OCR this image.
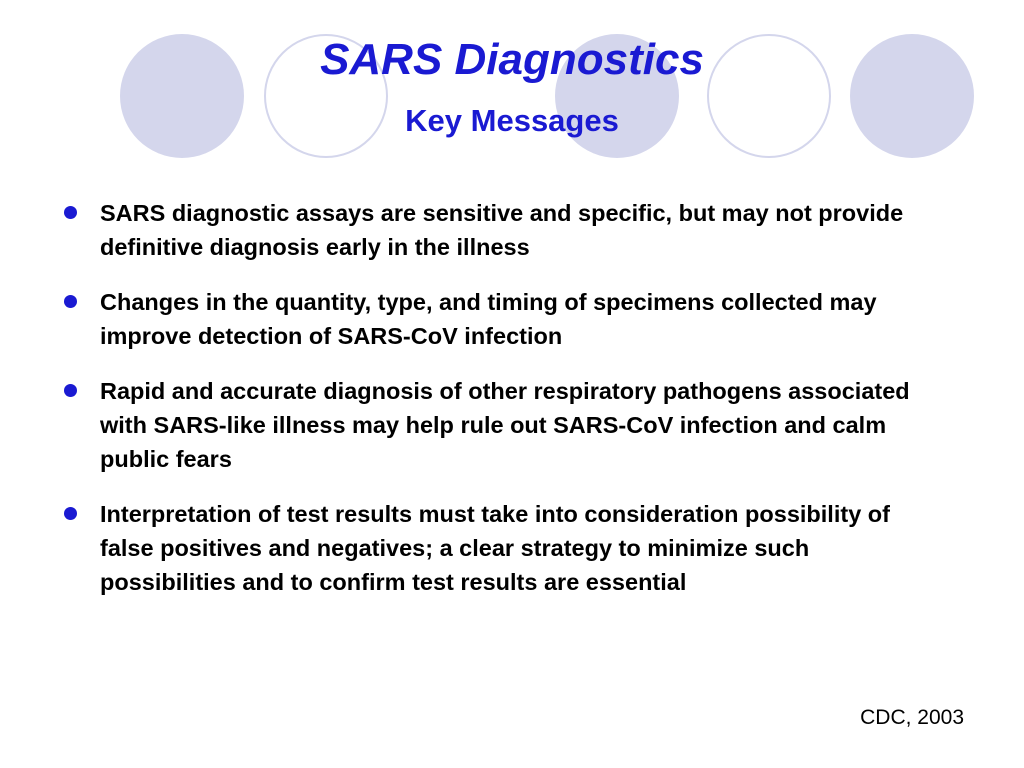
SARS Diagnostics
Key Messages
SARS diagnostic assays are sensitive and specific, but may not provide definitive diagnosis early in the illness
Changes in the quantity, type, and timing of specimens collected may improve detection of SARS-CoV infection
Rapid and accurate diagnosis of other respiratory pathogens associated with SARS-like illness may help rule out SARS-CoV infection and calm public fears
Interpretation of test results must take into consideration possibility of false positives and negatives; a clear strategy to minimize such possibilities and to confirm test results are essential
CDC, 2003
